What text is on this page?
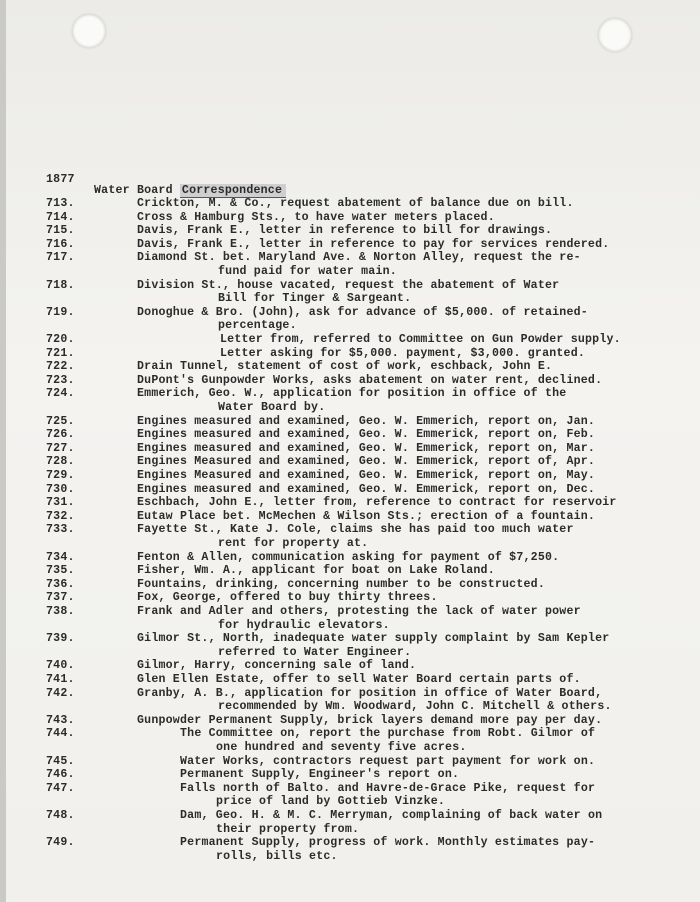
1877
Water Board Correspondence
713.	Crickton, M. & Co., request abatement of balance due on bill.
714.	Cross & Hamburg Sts., to have water meters placed.
715.	Davis, Frank E., letter in reference to bill for drawings.
716.	Davis, Frank E., letter in reference to pay for services rendered.
717.	Diamond St. bet. Maryland Ave. & Norton Alley, request the re-
fund paid for water main.
718.	Division St., house vacated, request the abatement of Water
Bill for Tinger & Sargeant.
719.	Donoghue & Bro. (John), ask for advance of $5,000. of retained-
percentage.
720.	Letter from, referred to Committee on Gun Powder supply.
721.	Letter asking for $5,000. payment, $3,000. granted.
722.	Drain Tunnel, statement of cost of work, eschback, John E.
723.	DuPont's Gunpowder Works, asks abatement on water rent, declined.
724.	Emmerich, Geo. W., application for position in office of the
Water Board by.
725.	Engines measured and examined, Geo. W. Emmerich, report on, Jan.
726.	Engines measured and examined, Geo. W. Emmerick, report on, Feb.
727.	Engines measured and examined, Geo. W. Emmerick, report on, Mar.
728.	Engines Measured and examined, Geo. W. Emmerick, report of, Apr.
729.	Engines Measured and examined, Geo. W. Emmerick, report on, May.
730.	Engines measured and examined, Geo. W. Emmerick, report on, Dec.
731.	Eschbach, John E., letter from, reference to contract for reservoir
732.	Eutaw Place bet. McMechen & Wilson Sts.; erection of a fountain.
733.	Fayette St., Kate J. Cole, claims she has paid too much water
rent for property at.
734.	Fenton & Allen, communication asking for payment of $7,250.
735.	Fisher, Wm. A., applicant for boat on Lake Roland.
736.	Fountains, drinking, concerning number to be constructed.
737.	Fox, George, offered to buy thirty threes.
738.	Frank and Adler and others, protesting the lack of water power
for hydraulic elevators.
739.	Gilmor St., North, inadequate water supply complaint by Sam Kepler
referred to Water Engineer.
740.	Gilmor, Harry, concerning sale of land.
741.	Glen Ellen Estate, offer to sell Water Board certain parts of.
742.	Granby, A. B., application for position in office of Water Board,
recommended by Wm. Woodward, John C. Mitchell & others.
743.	Gunpowder Permanent Supply, brick layers demand more pay per day.
744.	The Committee on, report the purchase from Robt. Gilmor of
one hundred and seventy five acres.
745.	Water Works, contractors request part payment for work on.
746.	Permanent Supply, Engineer's report on.
747.	Falls north of Balto. and Havre-de-Grace Pike, request for
price of land by Gottieb Vinzke.
748.	Dam, Geo. H. & M. C. Merryman, complaining of back water on
their property from.
749.	Permanent Supply, progress of work. Monthly estimates pay-
rolls, bills etc.
